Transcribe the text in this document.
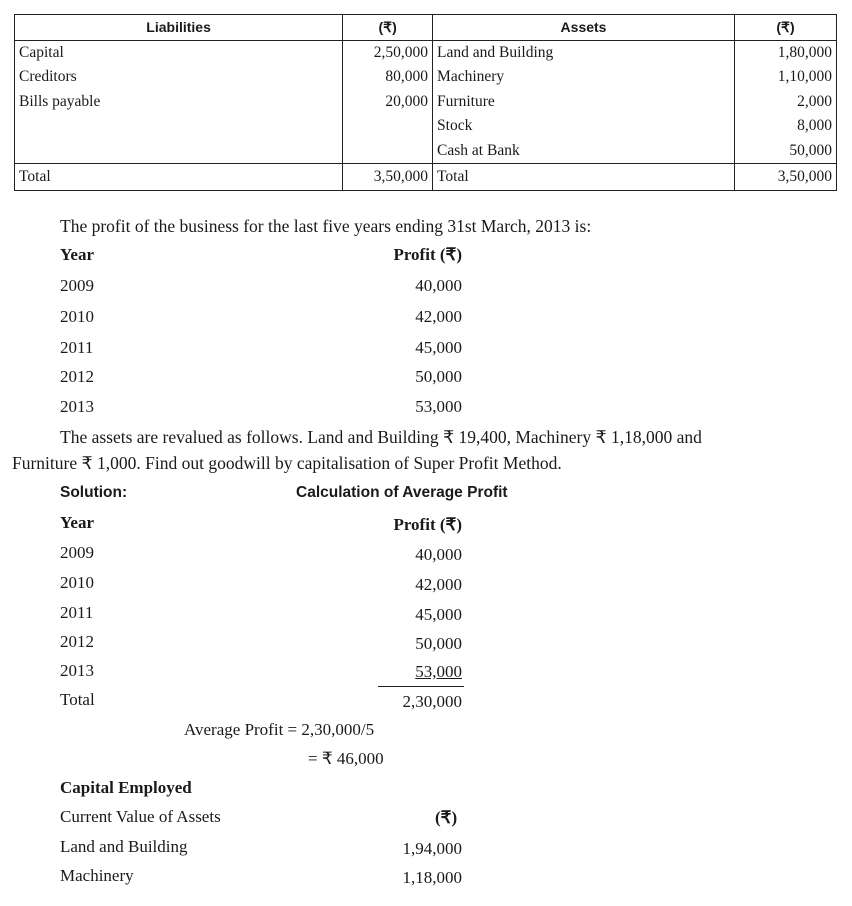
Liabilities	(₹)	Assets	(₹)
Capital	2,50,000	Land and Building	1,80,000
Creditors	80,000	Machinery	1,10,000
Bills payable	20,000	Furniture	2,000
		Stock	8,000
		Cash at Bank	50,000
Total	3,50,000	Total	3,50,000
The profit of the business for the last five years ending 31st March, 2013 is:
Year	Profit (₹)
2009	40,000
2010	42,000
2011	45,000
2012	50,000
2013	53,000
The assets are revalued as follows. Land and Building ₹ 19,400, Machinery ₹ 1,18,000 and
Furniture ₹ 1,000. Find out goodwill by capitalisation of Super Profit Method.
Solution:	Calculation of Average Profit
Year	Profit (₹)
2009	40,000
2010	42,000
2011	45,000
2012	50,000
2013	53,000
Total	2,30,000
Average Profit = 2,30,000/5
= ₹ 46,000
Capital Employed
Current Value of Assets	(₹)
Land and Building	1,94,000
Machinery	1,18,000
